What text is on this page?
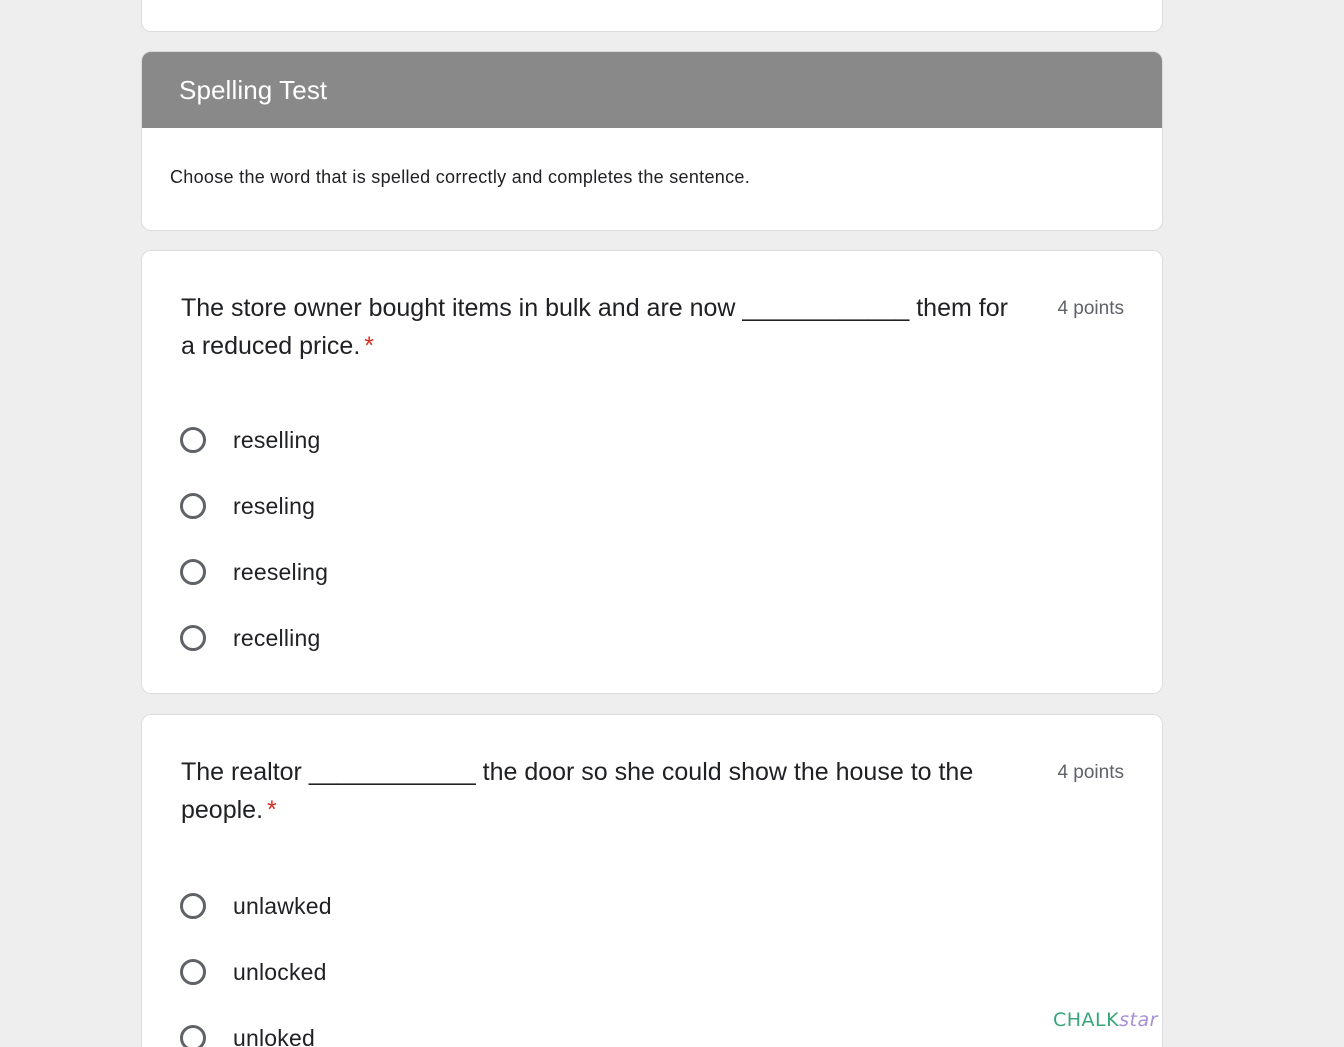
Spelling Test
Choose the word that is spelled correctly and completes the sentence.
The store owner bought items in bulk and are now ____________ them for a reduced price. *
4 points
reselling
reseling
reeseling
recelling
The realtor ____________ the door so she could show the house to the people. *
4 points
unlawked
unlocked
unloked
CHALKstar
